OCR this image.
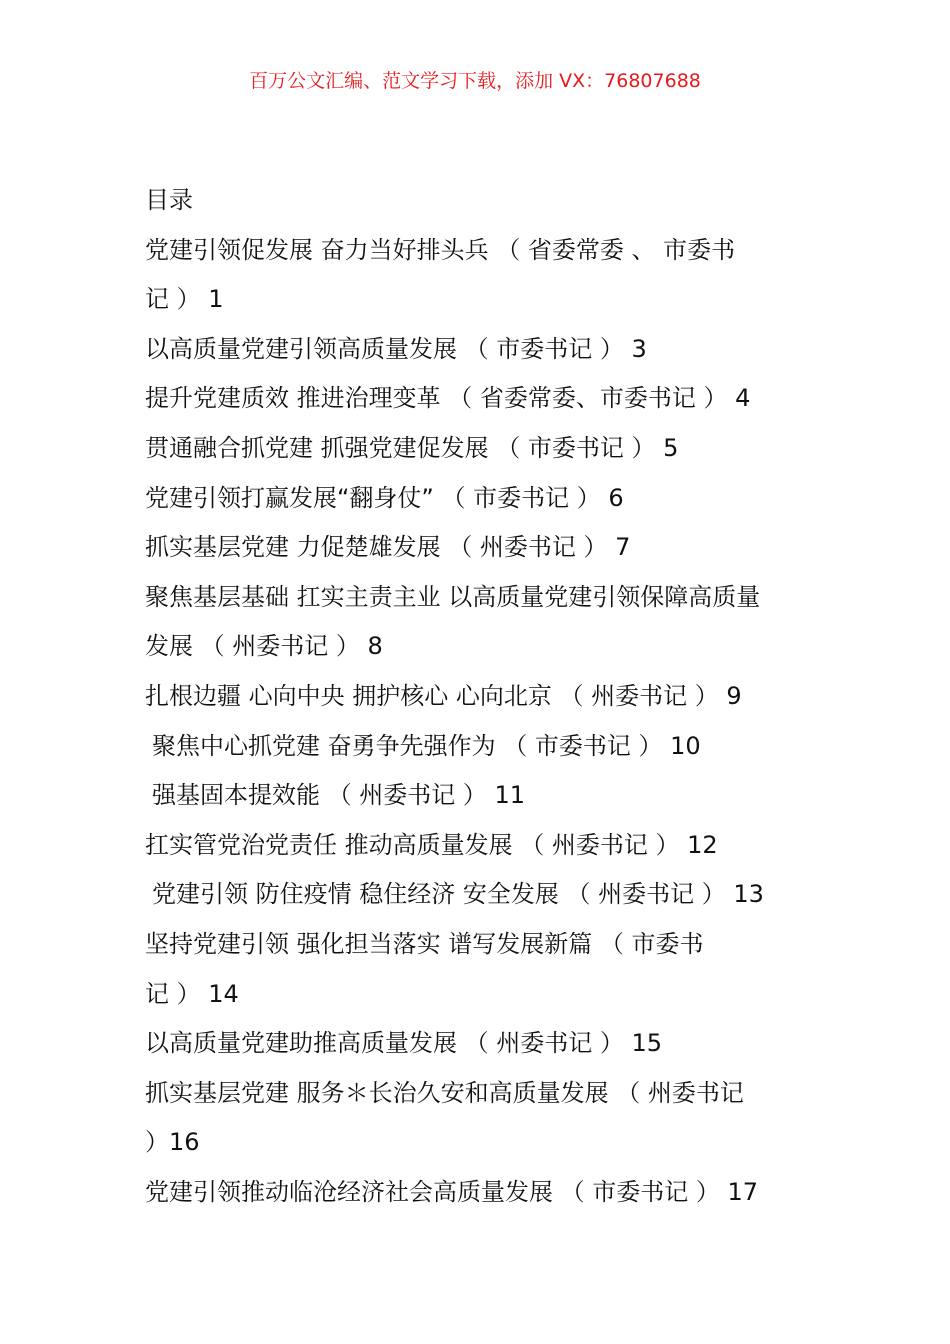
百万公文汇编、范文学习下载，添加 VX：76807688
目录
党建引领促发展 奋力当好排头兵 （ 省委常委 、 市委书
记 ） 1
以高质量党建引领高质量发展 （ 市委书记 ） 3
提升党建质效 推进治理变革 （ 省委常委、市委书记 ） 4
贯通融合抓党建 抓强党建促发展 （ 市委书记 ） 5
党建引领打赢发展“翻身仗” （ 市委书记 ） 6
抓实基层党建 力促楚雄发展 （ 州委书记 ） 7
聚焦基层基础 扛实主责主业 以高质量党建引领保障高质量
发展 （ 州委书记 ） 8
扎根边疆 心向中央 拥护核心 心向北京 （ 州委书记 ） 9
聚焦中心抓党建 奋勇争先强作为 （ 市委书记 ） 10
强基固本提效能 （ 州委书记 ） 11
扛实管党治党责任 推动高质量发展 （ 州委书记 ） 12
党建引领 防住疫情 稳住经济 安全发展 （ 州委书记 ） 13
坚持党建引领 强化担当落实 谱写发展新篇 （ 市委书
记 ） 14
以高质量党建助推高质量发展 （ 州委书记 ） 15
抓实基层党建 服务＊长治久安和高质量发展 （ 州委书记
）16
党建引领推动临沧经济社会高质量发展 （ 市委书记 ） 17
